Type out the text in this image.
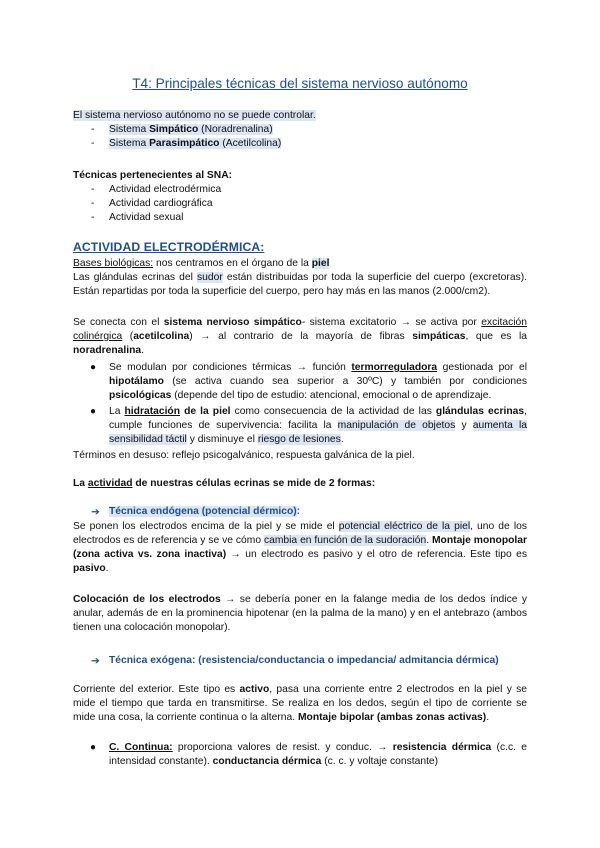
T4: Principales técnicas del sistema nervioso autónomo
El sistema nervioso autónomo no se puede controlar.
- Sistema Simpático (Noradrenalina)
- Sistema Parasimpático (Acetilcolina)
Técnicas pertenecientes al SNA:
- Actividad electrodérmica
- Actividad cardiográfica
- Actividad sexual
ACTIVIDAD ELECTRODÉRMICA:
Bases biológicas: nos centramos en el órgano de la piel
Las glándulas ecrinas del sudor están distribuidas por toda la superficie del cuerpo (excretoras). Están repartidas por toda la superficie del cuerpo, pero hay más en las manos (2.000/cm2).
Se conecta con el sistema nervioso simpático- sistema excitatorio → se activa por excitación colinérgica (acetilcolina) → al contrario de la mayoría de fibras simpáticas, que es la noradrenalina.
● Se modulan por condiciones térmicas → función termorreguladora gestionada por el hipotálamo (se activa cuando sea superior a 30ºC) y también por condiciones psicológicas (depende del tipo de estudio: atencional, emocional o de aprendizaje.
● La hidratación de la piel como consecuencia de la actividad de las glándulas ecrinas, cumple funciones de supervivencia: facilita la manipulación de objetos y aumenta la sensibilidad táctil y disminuye el riesgo de lesiones.
Términos en desuso: reflejo psicogalvánico, respuesta galvánica de la piel.
La actividad de nuestras células ecrinas se mide de 2 formas:
➔ Técnica endógena (potencial dérmico):
Se ponen los electrodos encima de la piel y se mide el potencial eléctrico de la piel, uno de los electrodos es de referencia y se ve cómo cambia en función de la sudoración. Montaje monopolar (zona activa vs. zona inactiva) → un electrodo es pasivo y el otro de referencia. Este tipo es pasivo.
Colocación de los electrodos → se debería poner en la falange media de los dedos índice y anular, además de en la prominencia hipotenar (en la palma de la mano) y en el antebrazo (ambos tienen una colocación monopolar).
➔ Técnica exógena: (resistencia/conductancia o impedancia/ admitancia dérmica)
Corriente del exterior. Este tipo es activo, pasa una corriente entre 2 electrodos en la piel y se mide el tiempo que tarda en transmitirse. Se realiza en los dedos, según el tipo de corriente se mide una cosa, la corriente continua o la alterna. Montaje bipolar (ambas zonas activas).
● C. Continua: proporciona valores de resist. y conduc. → resistencia dérmica (c.c. e intensidad constante). conductancia dérmica (c. c. y voltaje constante)
